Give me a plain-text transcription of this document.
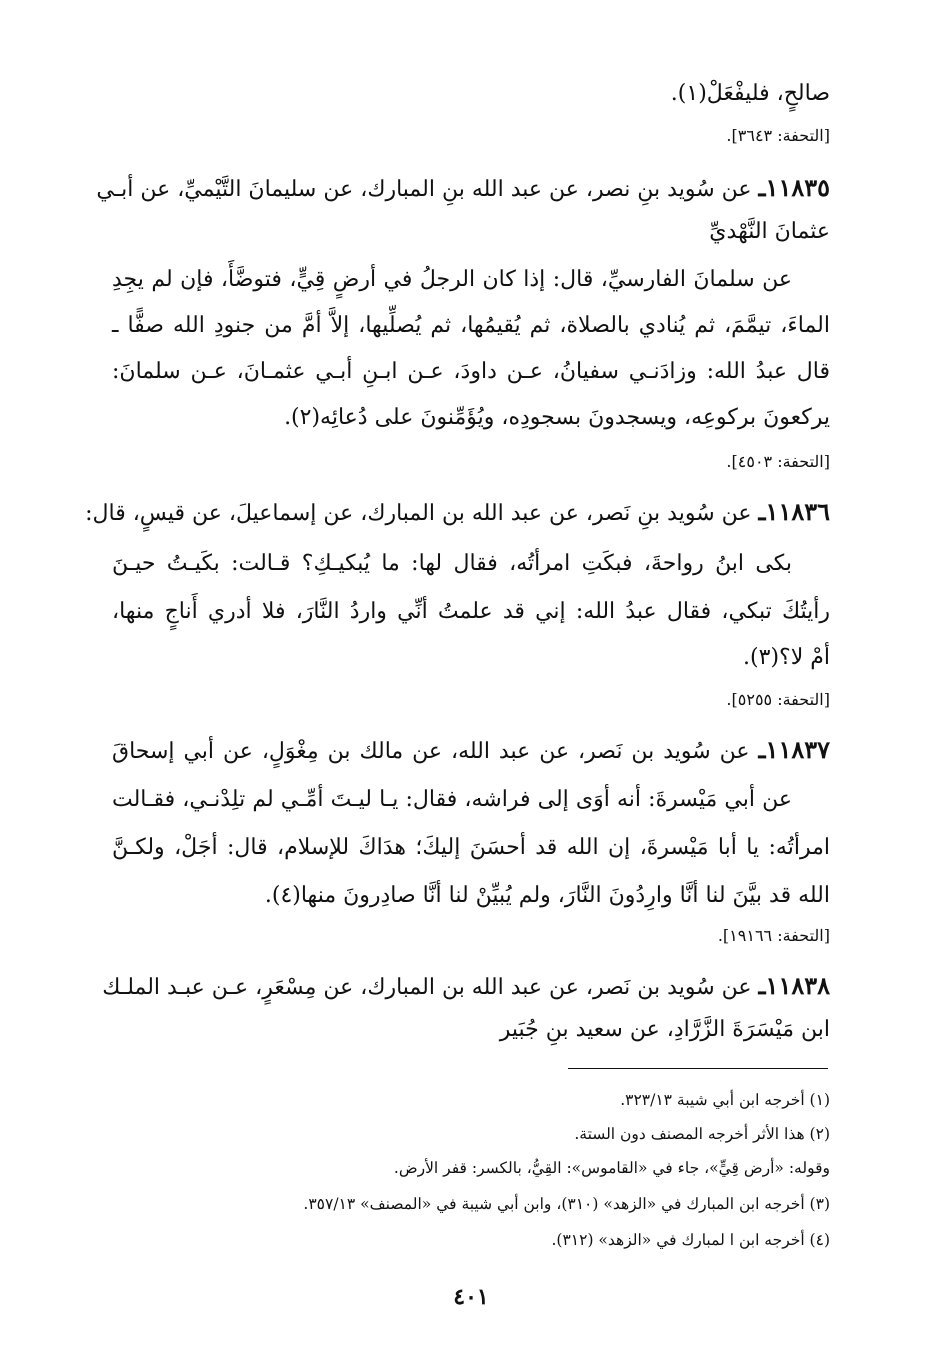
صالحٍ، فليفْعَلْ(١).
[التحفة: ٣٦٤٣].
١١٨٣٥ـ عن سُويد بنِ نصر، عن عبد الله بنِ المبارك، عن سليمانَ التَّيْميِّ، عن أبـي
عثمانَ النَّهْديِّ
عن سلمانَ الفارسيِّ، قال: إذا كان الرجلُ في أرضٍ قِيٍّ، فتوضَّأَ، فإن لم يجِدِ
الماءَ، تيمَّمَ، ثم يُنادي بالصلاة، ثم يُقيمُها، ثم يُصلِّيها، إلاَّ أمَّ من جنودِ الله صفًّا ـ
قال عبدُ الله: وزادَنـي سفيانُ، عـن داودَ، عـن ابـنِ أبـي عثمـانَ، عـن سلمانَ:
يركعونَ بركوعِه، ويسجدونَ بسجودِه، ويُؤَمِّنونَ على دُعائِه(٢).
[التحفة: ٤٥٠٣].
١١٨٣٦ـ عن سُويد بنِ نَصر، عن عبد الله بن المبارك، عن إسماعيلَ، عن قيسٍ، قال:
بكى ابنُ رواحةَ، فبكَتِ امرأتُه، فقال لها: ما يُبكيـكِ؟ قـالت: بكَيـتُ حيـنَ
رأيتُكَ تبكي، فقال عبدُ الله: إني قد علمتُ أنِّي واردُ النَّارَ، فلا أدري أَناجٍ منها،
أمْ لا؟(٣).
[التحفة: ٥٢٥٥].
١١٨٣٧ـ عن سُويد بن نَصر، عن عبد الله، عن مالك بن مِغْوَلٍ، عن أبي إسحاقَ
عن أبي مَيْسرةَ: أنه أوَى إلى فراشه، فقال: يـا ليـتَ أمِّـي لم تلِدْنـي، فقـالت
امرأتُه: يا أبا مَيْسرةَ، إن الله قد أحسَنَ إليكَ؛ هدَاكَ للإسلام، قال: أجَلْ، ولكـنَّ
الله قد بيَّنَ لنا أنَّا وارِدُونَ النَّارَ، ولم يُبيِّنْ لنا أنَّا صادِرونَ منها(٤).
[التحفة: ١٩١٦٦].
١١٨٣٨ـ عن سُويد بن نَصر، عن عبد الله بن المبارك، عن مِسْعَرٍ، عـن عبـد الملـك
ابن مَيْسَرَةَ الزَّرَّادِ، عن سعيد بنِ جُبَير
(١) أخرجه ابن أبي شيبة ٣٢٣/١٣.
(٢) هذا الأثر أخرجه المصنف دون الستة.
وقوله: «أرض قِيٍّ»، جاء في «القاموس»: القِيُّ، بالكسر: قفر الأرض.
(٣) أخرجه ابن المبارك في «الزهد» (٣١٠)، وابن أبي شيبة في «المصنف» ٣٥٧/١٣.
(٤) أخرجه ابن ا لمبارك في «الزهد» (٣١٢).
٤٠١
